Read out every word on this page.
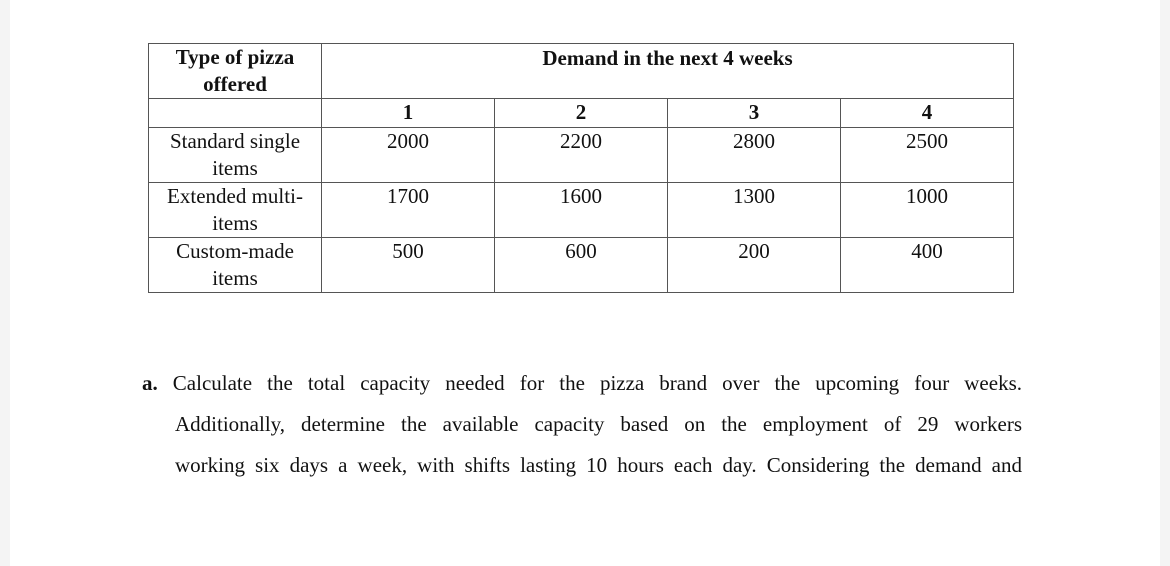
Type of pizza
offered	Demand in the next 4 weeks			
	1	2	3	4
Standard single
items	2000	2200	2800	2500
Extended multi-
items	1700	1600	1300	1000
Custom-made
items	500	600	200	400

a. Calculate the total capacity needed for the pizza brand over the upcoming four weeks.

Additionally, determine the available capacity based on the employment of 29 workers

working six days a week, with shifts lasting 10 hours each day. Considering the demand and
